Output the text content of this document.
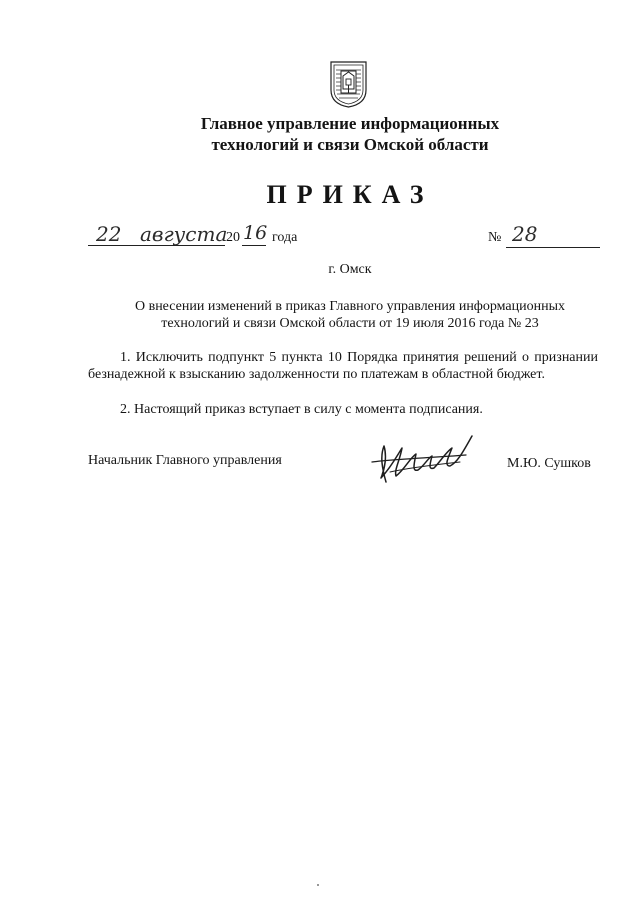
Главное управление информационных
технологий и связи Омской области
ПРИКАЗ
22 августа
20 16 года	№ 28
г. Омск
О внесении изменений в приказ Главного управления информационных
технологий и связи Омской области от 19 июля 2016 года № 23
1. Исключить подпункт 5 пункта 10 Порядка принятия решений о признании безнадежной к взысканию задолженности по платежам в областной бюджет.
2. Настоящий приказ вступает в силу с момента подписания.
Начальник Главного управления	М.Ю. Сушков
